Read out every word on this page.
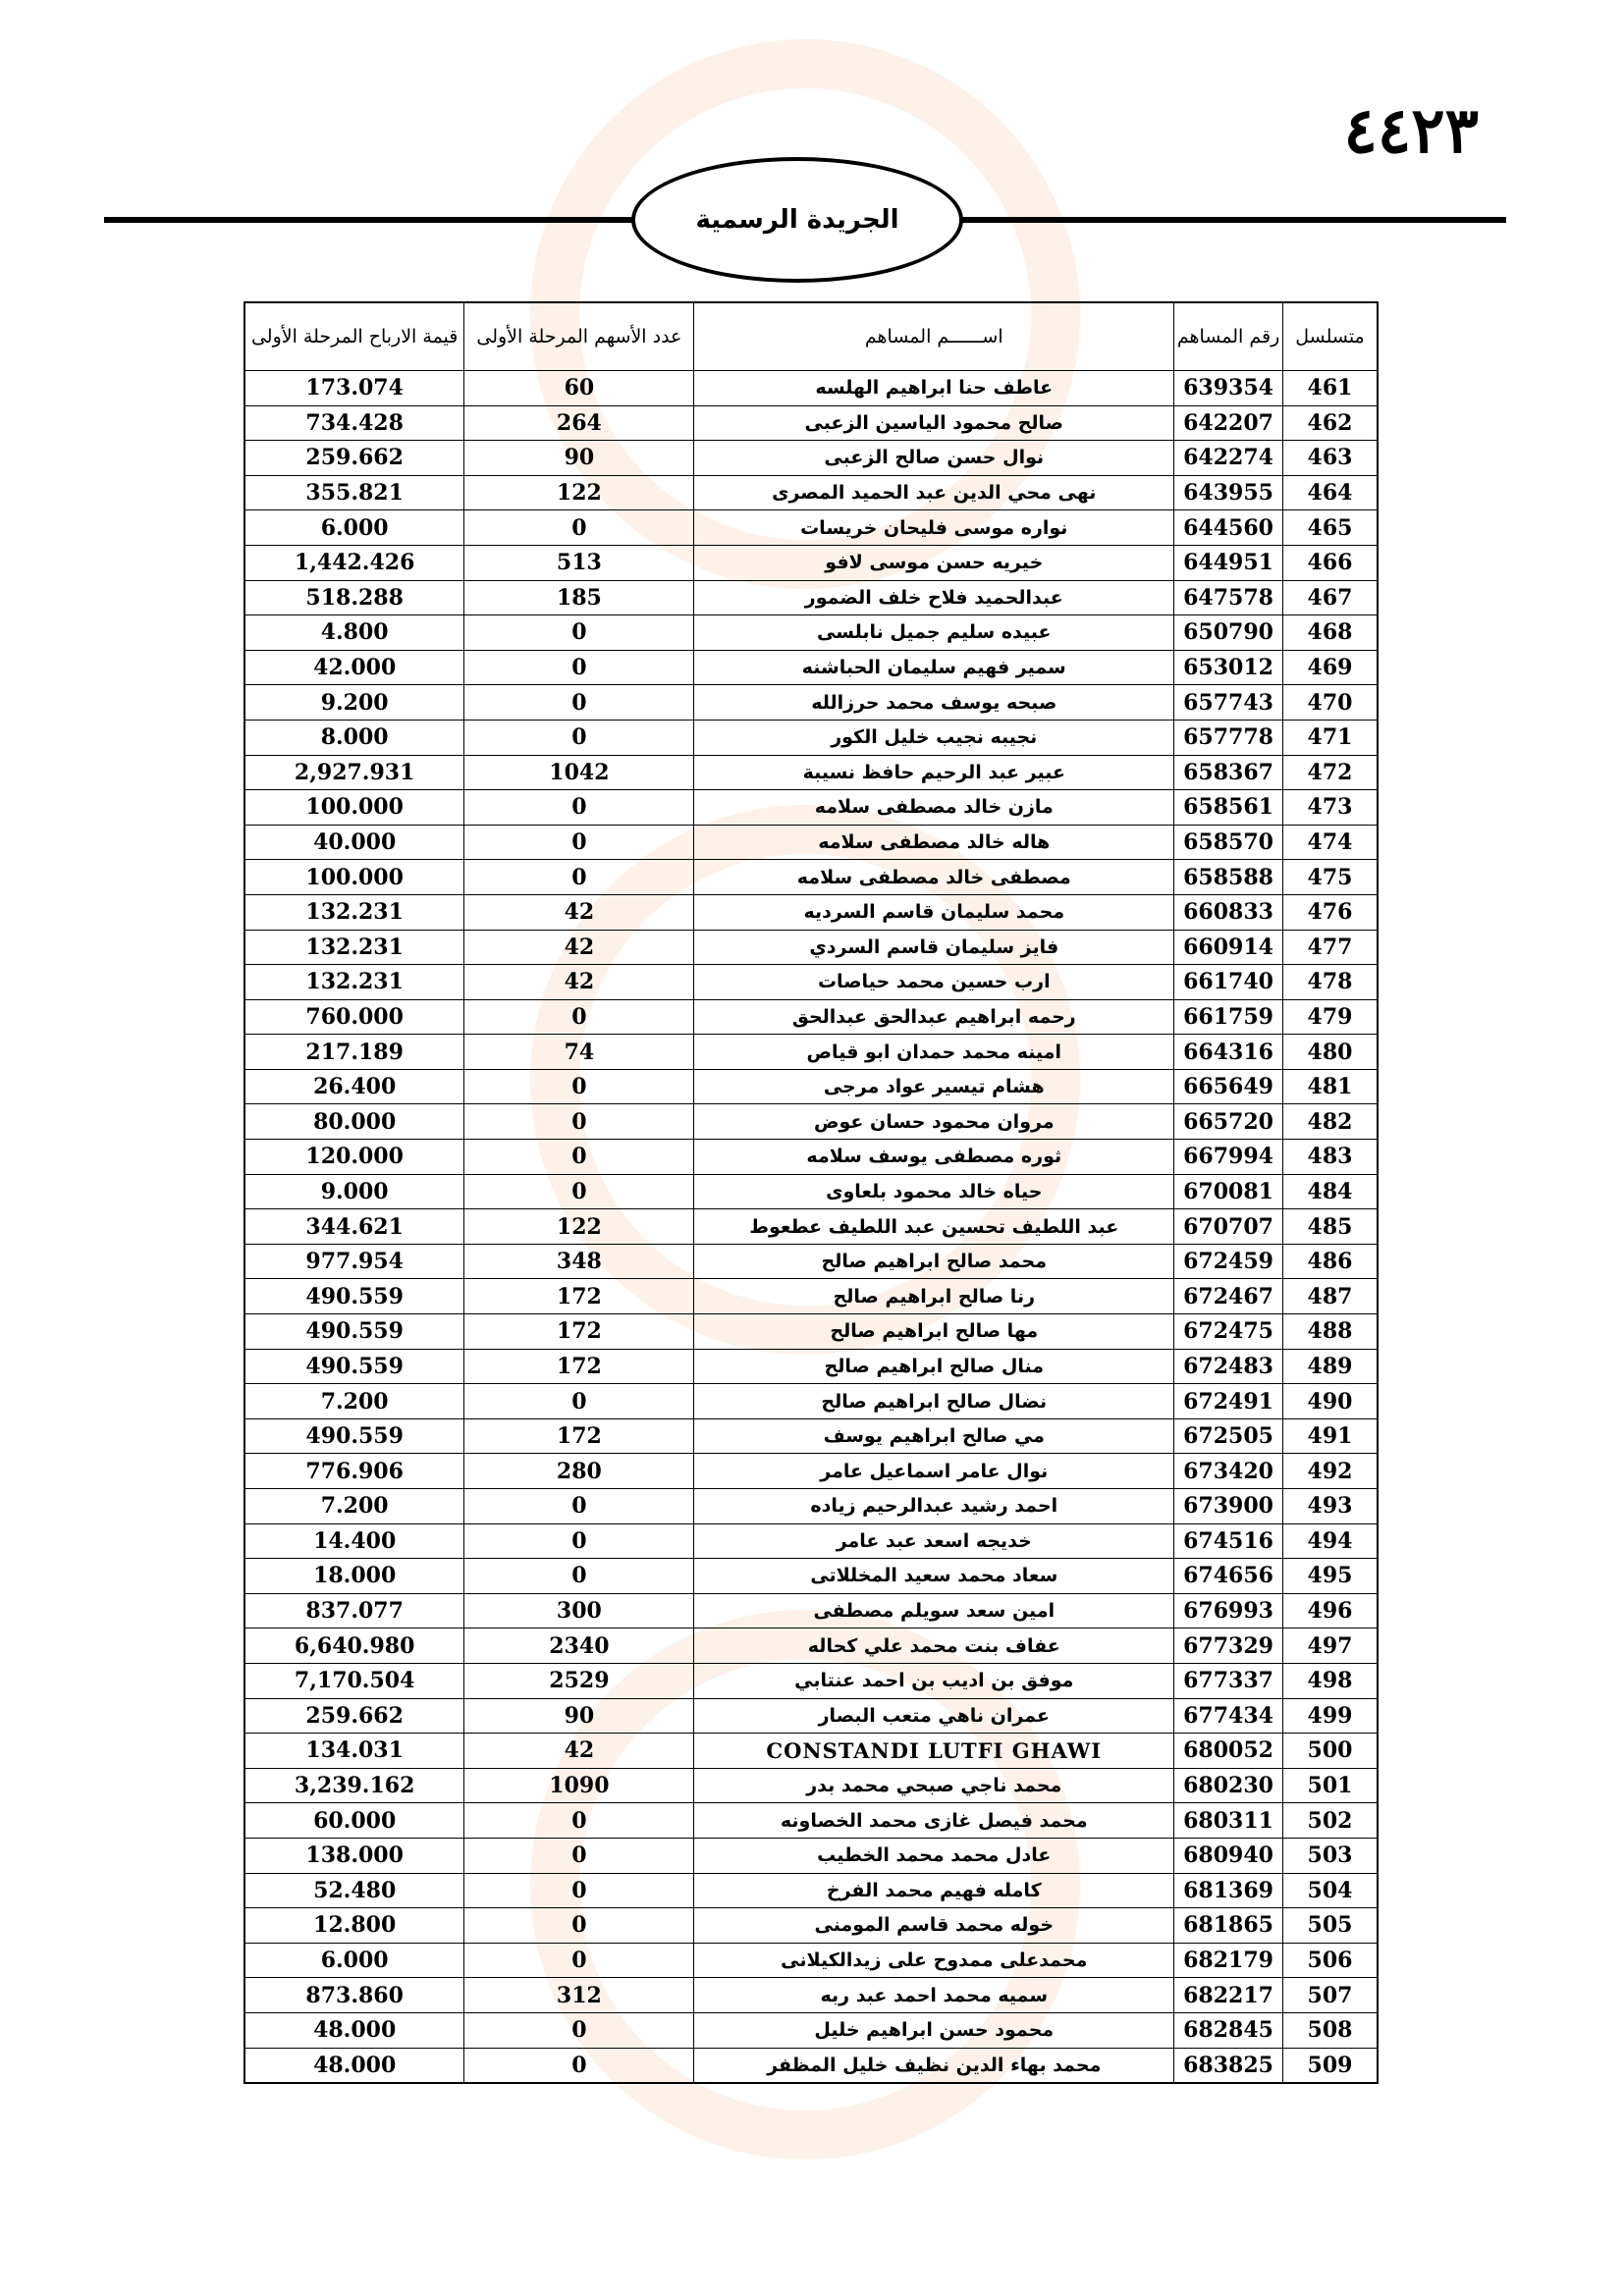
٤٤٢٣
الجريدة الرسمية
متسلسل	رقم المساهم	اســــــم المساهم	عدد الأسهم المرحلة الأولى	قيمة الارباح المرحلة الأولى
461	639354	عاطف حنا ابراهيم الهلسه	60	173.074
462	642207	صالح محمود الياسين الزعبى	264	734.428
463	642274	نوال حسن صالح الزعبى	90	259.662
464	643955	نهى محي الدين عبد الحميد المصرى	122	355.821
465	644560	نواره موسى فليحان خريسات	0	6.000
466	644951	خيريه حسن موسى لافو	513	1,442.426
467	647578	عبدالحميد فلاح خلف الضمور	185	518.288
468	650790	عبيده سليم جميل نابلسى	0	4.800
469	653012	سمير فهيم سليمان الحباشنه	0	42.000
470	657743	صبحه يوسف محمد حرزالله	0	9.200
471	657778	نجيبه نجيب خليل الكور	0	8.000
472	658367	عبير عبد الرحيم حافظ نسيبة	1042	2,927.931
473	658561	مازن خالد مصطفى سلامه	0	100.000
474	658570	هاله خالد مصطفى سلامه	0	40.000
475	658588	مصطفى خالد مصطفى سلامه	0	100.000
476	660833	محمد سليمان قاسم السرديه	42	132.231
477	660914	فايز سليمان قاسم السردي	42	132.231
478	661740	ارب حسين محمد حياصات	42	132.231
479	661759	رحمه ابراهيم عبدالحق عبدالحق	0	760.000
480	664316	امينه محمد حمدان ابو قياص	74	217.189
481	665649	هشام تيسير عواد مرجى	0	26.400
482	665720	مروان محمود حسان عوض	0	80.000
483	667994	ثوره مصطفى يوسف سلامه	0	120.000
484	670081	حياه خالد محمود بلعاوى	0	9.000
485	670707	عبد اللطيف تحسين عبد اللطيف عطعوط	122	344.621
486	672459	محمد صالح ابراهيم صالح	348	977.954
487	672467	رنا صالح ابراهيم صالح	172	490.559
488	672475	مها صالح ابراهيم صالح	172	490.559
489	672483	منال صالح ابراهيم صالح	172	490.559
490	672491	نضال صالح ابراهيم صالح	0	7.200
491	672505	مي صالح ابراهيم يوسف	172	490.559
492	673420	نوال عامر اسماعيل عامر	280	776.906
493	673900	احمد رشيد عبدالرحيم زياده	0	7.200
494	674516	خديجه اسعد عبد عامر	0	14.400
495	674656	سعاد محمد سعيد المخللاتى	0	18.000
496	676993	امين سعد سويلم مصطفى	300	837.077
497	677329	عفاف بنت محمد علي كحاله	2340	6,640.980
498	677337	موفق بن اديب بن احمد عنتابي	2529	7,170.504
499	677434	عمران ناهي متعب البصار	90	259.662
500	680052	CONSTANDI LUTFI GHAWI	42	134.031
501	680230	محمد ناجي صبحي محمد بدر	1090	3,239.162
502	680311	محمد فيصل غازى محمد الخصاونه	0	60.000
503	680940	عادل محمد محمد الخطيب	0	138.000
504	681369	كامله فهيم محمد الفرخ	0	52.480
505	681865	خوله محمد قاسم المومنى	0	12.800
506	682179	محمدعلى ممدوح على زيدالكيلانى	0	6.000
507	682217	سميه محمد احمد عبد ربه	312	873.860
508	682845	محمود حسن ابراهيم خليل	0	48.000
509	683825	محمد بهاء الدين نظيف خليل المظفر	0	48.000
